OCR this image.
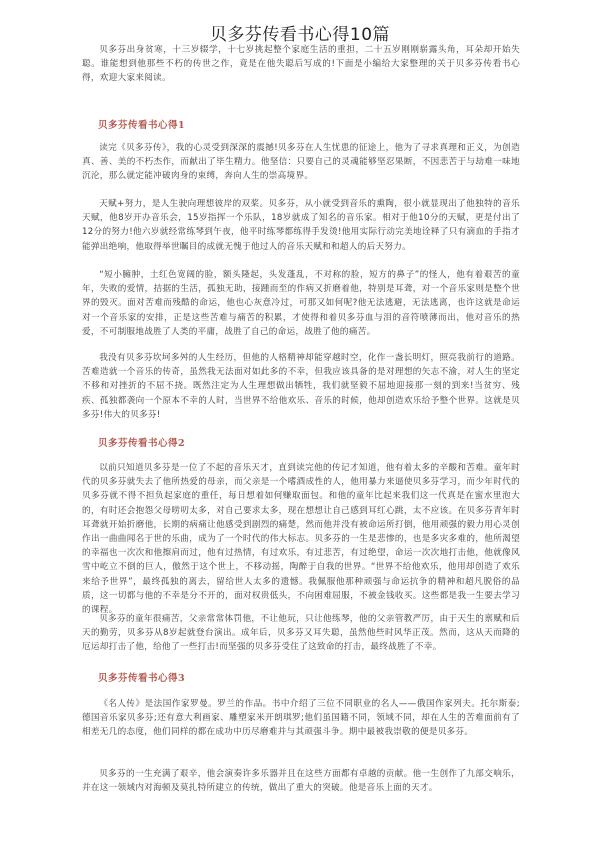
贝多芬传看书心得10篇

贝多芬出身贫寒，十三岁辍学，十七岁挑起整个家庭生活的重担，二十五岁刚刚崭露头角，耳朵却开始失聪。谁能想到他那些不朽的传世之作，竟是在他失聪后写成的!下面是小编给大家整理的关于贝多芬传看书心得，欢迎大家来阅读。

贝多芬传看书心得1

读完《贝多芬传》，我的心灵受到深深的震撼!贝多芬在人生忧患的征途上，他为了寻求真理和正义，为创造真、善、美的不朽杰作，而献出了毕生精力。他坚信：只要自己的灵魂能够坚忍果断，不因悲苦于与劫难一味地沉沦，那么就定能冲破肉身的束缚，奔向人生的崇高境界。

天赋+努力，是人生驶向理想彼岸的双桨。贝多芬，从小就受到音乐的熏陶，很小就显现出了他独特的音乐天赋，他8岁开办音乐会，15岁指挥一个乐队，18岁就成了知名的音乐家。相对于他10分的天赋，更是付出了12分的努力!他六岁就经常练琴到午夜，他平时练琴都练得手发烫!他用实际行动完美地诠释了只有滴血的手指才能弹出绝响，他取得举世瞩目的成就无愧于他过人的音乐天赋和和超人的后天努力。

“短小臃肿，土红色宽阔的脸，额头隆起，头发蓬乱，不对称的脸，短方的鼻子”的怪人，他有着艰苦的童年，失败的爱情，拮据的生活，孤独无助，接踵而至的作病又折磨着他，特别是耳聋，对一个音乐家则是整个世界的毁灭。面对苦难而残酷的命运，他也心灰意冷过，可那又如何呢?他无法逃避，无法逃离，也许这就是命运对一个音乐家的安排，正是这些苦难与痛苦的积累，才使得和着贝多芬血与泪的音符喷薄而出，他对音乐的热爱，不可制服地战胜了人类的平庸，战胜了自己的命运，战胜了他的痛苦。

我没有贝多芬坎坷多舛的人生经历，但他的人格精神却能穿越时空，化作一盏长明灯，照亮我前行的道路。苦难造就一个音乐的传奇，虽然我无法面对如此多的不幸，但我应该具备的是对理想的矢志不渝，对人生的坚定不移和对挫折的不屈不挠。既然注定为人生理想做出牺牲，我们就坚毅不屈地迎接那一刻的到来!当贫穷、残疾、孤独都袭向一个原本不幸的人时，当世界不给他欢乐、音乐的时候，他却创造欢乐给予整个世界。这就是贝多芬!伟大的贝多芬!

贝多芬传看书心得2

以前只知道贝多芬是一位了不起的音乐天才，直到读完他的传记才知道，他有着太多的辛酸和苦难。童年时代的贝多芬就失去了他所热爱的母亲，而父亲是一个嗜酒成性的人，他用暴力来逼使贝多芬学习，而少年时代的贝多芬就不得不担负起家庭的重任，每日想着如何赚取面包。和他的童年比起来我们这一代真是在蜜水里泡大的，有时还会抱怨父母唠叨太多，对自己要求太多，现在想想让自己感到耳红心跳，太不应该。在贝多芬青年时耳聋就开始折磨他，长期的病痛让他感受到剧烈的痛楚，然而他并没有被命运所打倒，他用顽强的毅力用心灵创作出一曲曲闻名于世的乐曲，成为了一个时代的伟大标志。贝多芬的一生是悲惨的，也是多灾多难的，他所渴望的幸福也一次次和他擦肩而过，他有过热情，有过欢乐，有过悲苦，有过绝望，命运一次次地打击他，他就像风雪中屹立不倒的巨人，傲然于这个世上，不移动摇，陶醉于自我的世界。“世界不给他欢乐，他用却创造了欢乐来给予世界”，最终孤独的离去，留给世人太多的遗憾。我佩服他那种顽强与命运抗争的精神和超凡脱俗的品质，这一切都与他的不幸是分不开的，面对权贵低头，不向困难屈服，不被金钱收买。这些都是我一生要去学习的课程。

贝多芬的童年很痛苦，父亲常常体罚他，不让他玩，只让他练琴，他的父亲管教严厉，由于天生的禀赋和后天的勤劳，贝多芬从8岁起就登台演出。成年后，贝多芬又耳失聪，虽然他些时风华正茂。然而，这从天而降的厄运却打击了他，给他了一些打击!而坚强的贝多芬受住了这致命的打击，最终战胜了不幸。

贝多芬传看书心得3

《名人传》是法国作家罗曼。罗兰的作品。书中介绍了三位不同职业的名人——俄国作家列夫。托尔斯泰;德国音乐家贝多芬;还有意大利画家、雕塑家米开朗琪罗;他们虽国籍不同，领域不同，却在人生的苦难面前有了相差无几的态度，他们同样的都在成功中历尽磨难并与其顽强斗争。期中最被我崇敬的便是贝多芬。

贝多芬的一生充满了艰辛，他会演奏许多乐器并且在这些方面都有卓越的贡献。他一生创作了九部交响乐，并在这一领域内对海顿及莫扎特所建立的传统，做出了重大的突破。他是音乐上面的天才。
